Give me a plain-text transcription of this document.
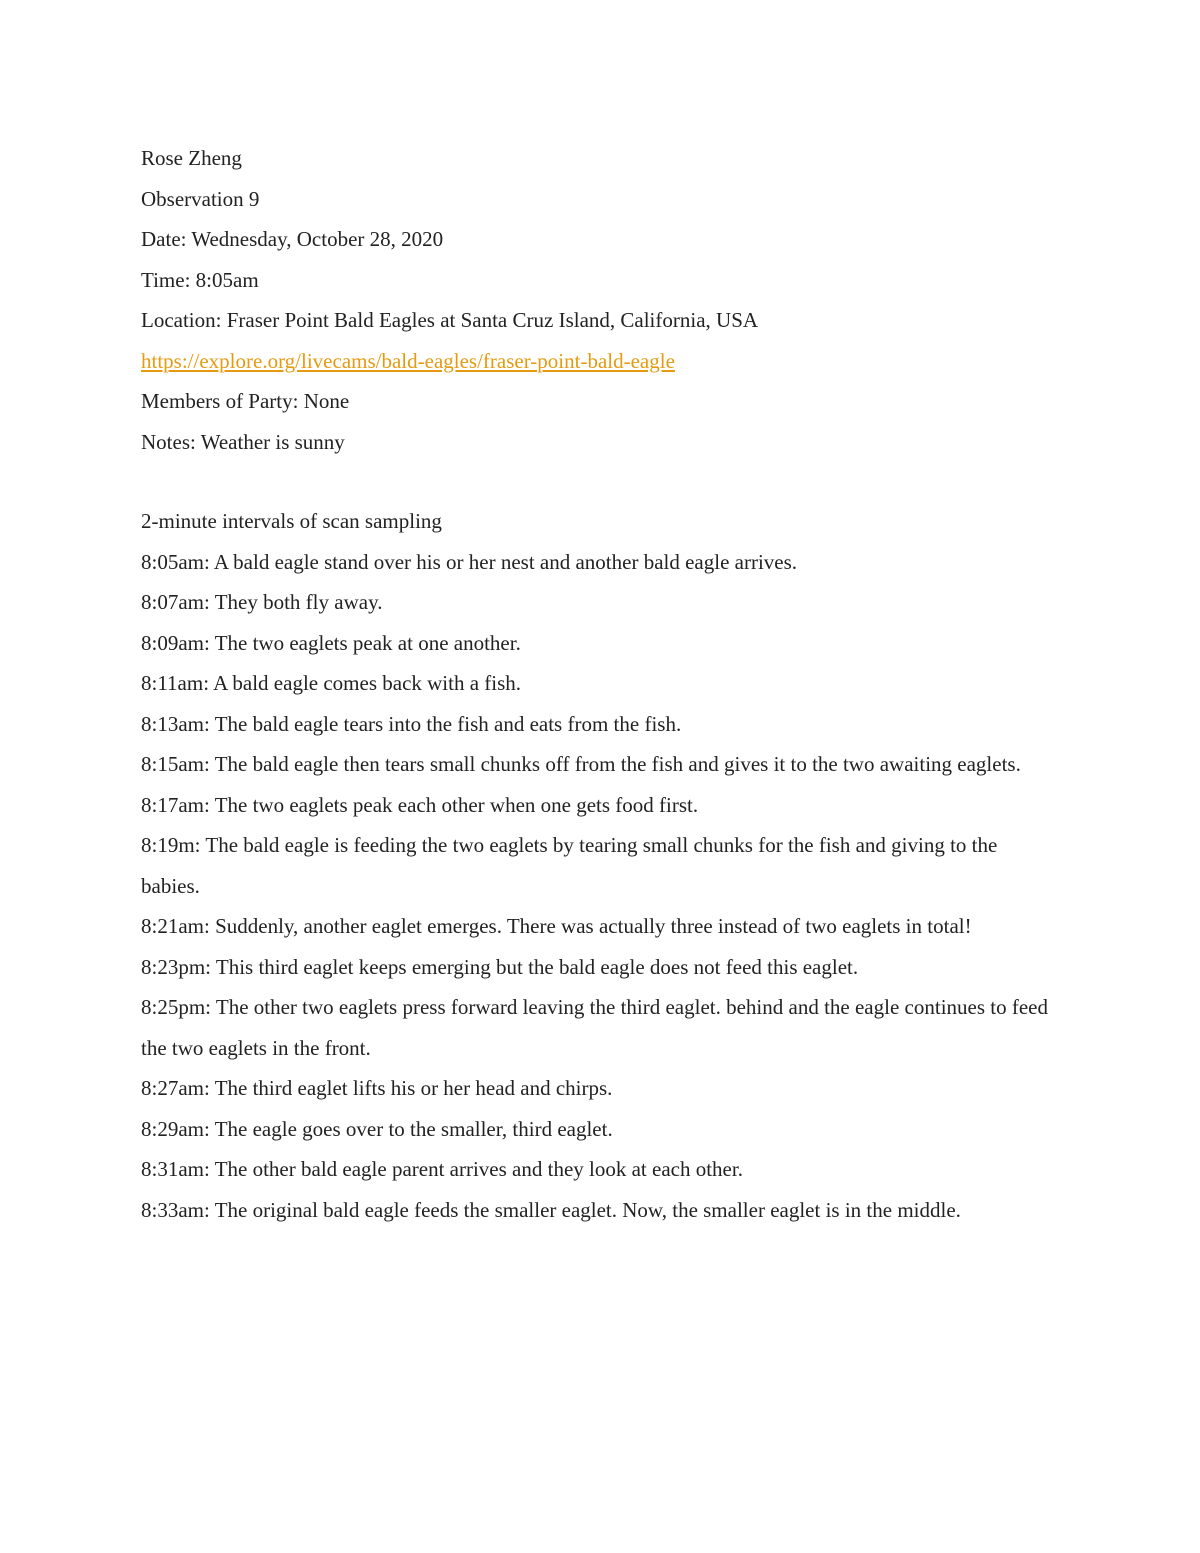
Rose Zheng
Observation 9
Date: Wednesday, October 28, 2020
Time: 8:05am
Location: Fraser Point Bald Eagles at Santa Cruz Island, California, USA
https://explore.org/livecams/bald-eagles/fraser-point-bald-eagle
Members of Party: None
Notes: Weather is sunny
2-minute intervals of scan sampling
8:05am: A bald eagle stand over his or her nest and another bald eagle arrives.
8:07am: They both fly away.
8:09am: The two eaglets peak at one another.
8:11am: A bald eagle comes back with a fish.
8:13am: The bald eagle tears into the fish and eats from the fish.
8:15am: The bald eagle then tears small chunks off from the fish and gives it to the two awaiting eaglets.
8:17am: The two eaglets peak each other when one gets food first.
8:19m: The bald eagle is feeding the two eaglets by tearing small chunks for the fish and giving to the babies.
8:21am: Suddenly, another eaglet emerges. There was actually three instead of two eaglets in total!
8:23pm: This third eaglet keeps emerging but the bald eagle does not feed this eaglet.
8:25pm: The other two eaglets press forward leaving the third eaglet. behind and the eagle continues to feed the two eaglets in the front.
8:27am: The third eaglet lifts his or her head and chirps.
8:29am: The eagle goes over to the smaller, third eaglet.
8:31am: The other bald eagle parent arrives and they look at each other.
8:33am: The original bald eagle feeds the smaller eaglet. Now, the smaller eaglet is in the middle.
